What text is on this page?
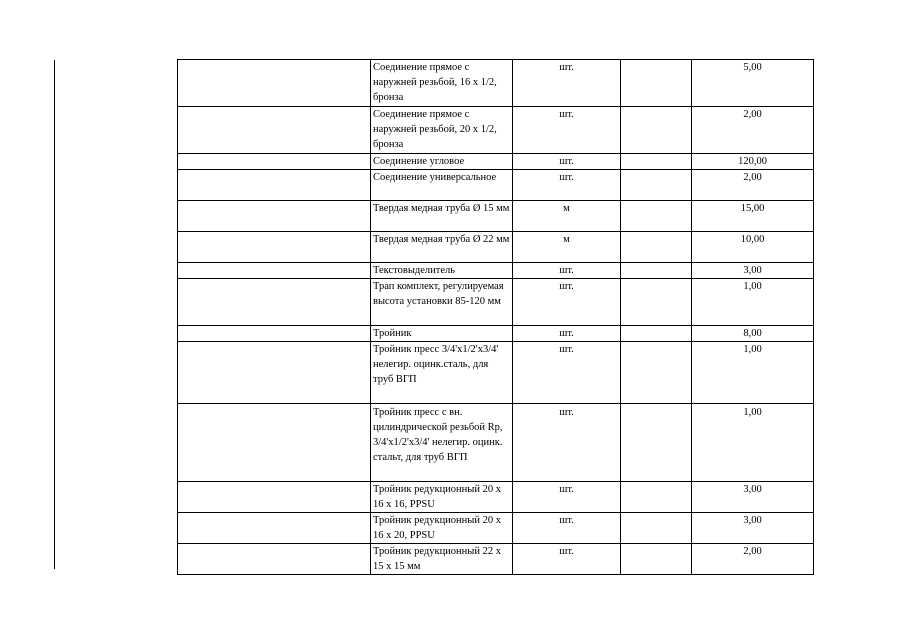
	Соединение прямое с наружней резьбой, 16 х 1/2, бронза	шт.		5,00
	Соединение прямое с наружней резьбой, 20 х 1/2, бронза	шт.		2,00
	Соединение угловое	шт.		120,00
	Соединение универсальное	шт.		2,00
	Твердая медная труба Ø 15 мм	м		15,00
	Твердая медная труба Ø 22 мм	м		10,00
	Текстовыделитель	шт.		3,00
	Трап комплект, регулируемая высота установки 85-120 мм	шт.		1,00
	Тройник	шт.		8,00
	Тройник пресс 3/4'х1/2'х3/4' нелегир. оцинк.сталь, для труб ВГП	шт.		1,00
	Тройник пресс с вн. цилиндрической резьбой Rp, 3/4'х1/2'х3/4' нелегир. оцинк. стальт, для труб ВГП	шт.		1,00
	Тройник редукционный 20 х 16 х 16, PPSU	шт.		3,00
	Тройник редукционный 20 х 16 х 20, PPSU	шт.		3,00
	Тройник редукционный 22 х 15 х 15 мм	шт.		2,00
